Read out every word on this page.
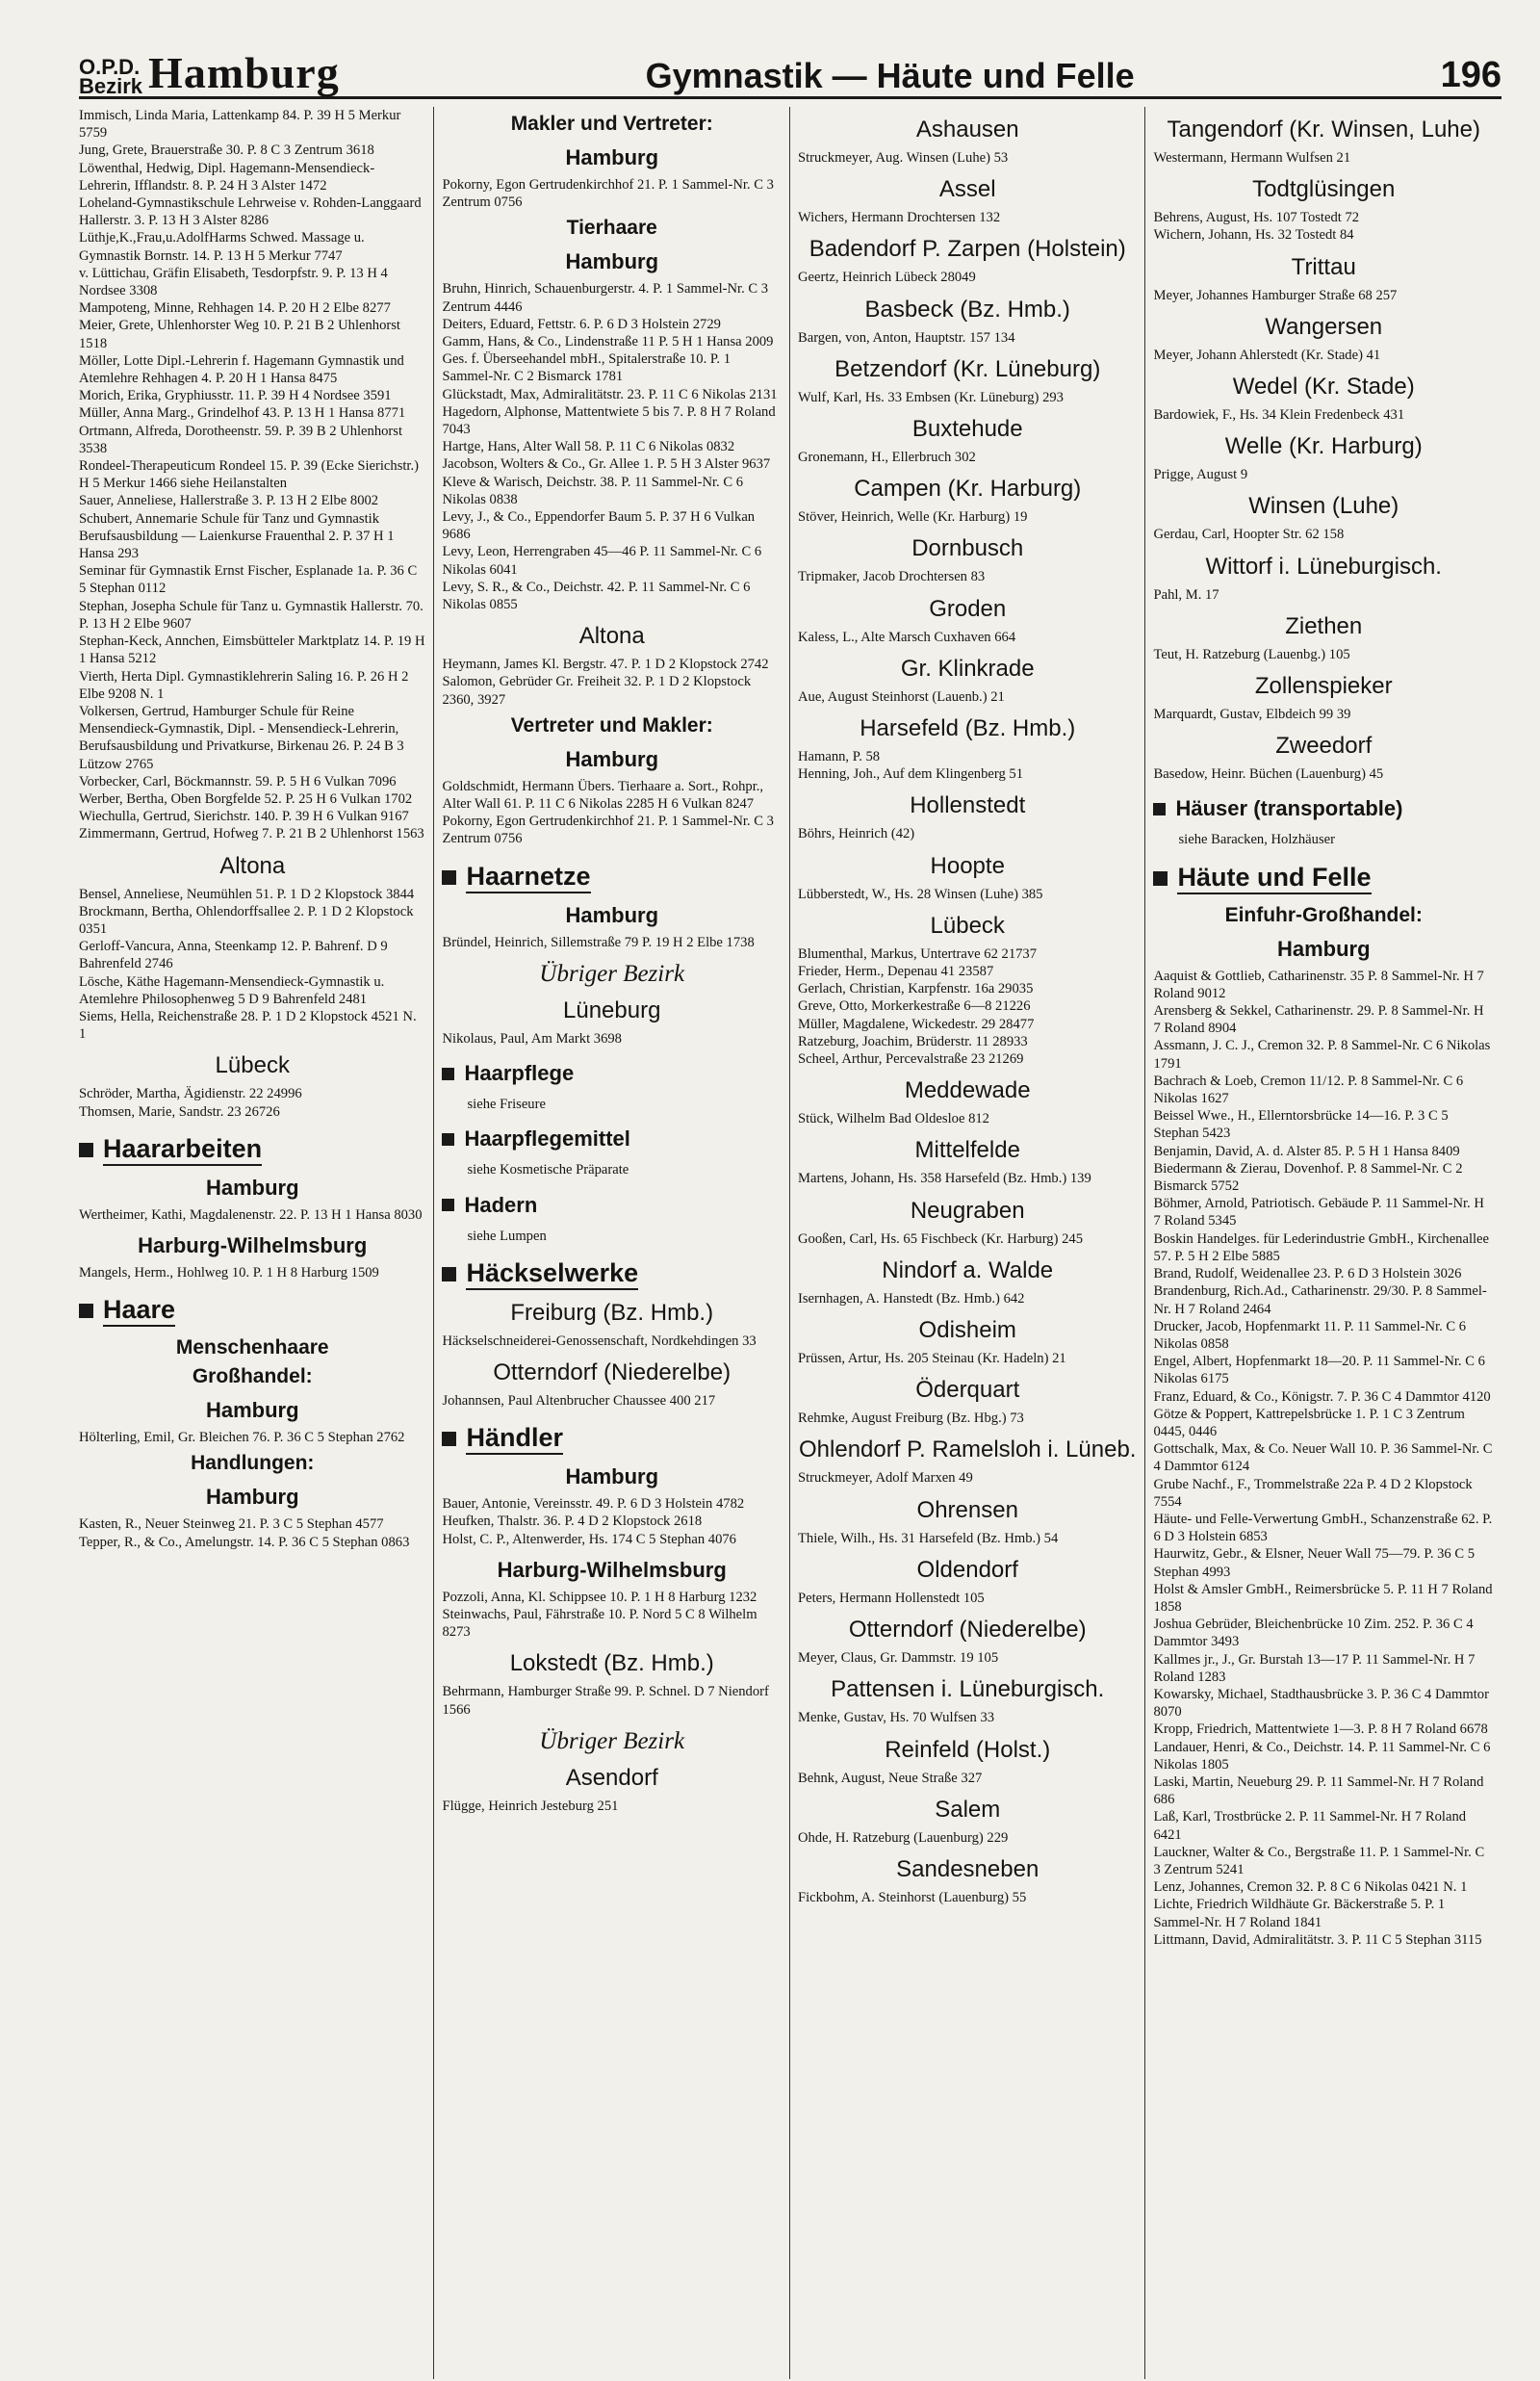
O.P.D.
Bezirk Hamburg	Gymnastik — Häute und Felle	196
Immisch, Linda Maria, Lattenkamp 84. P. 39 H 5 Merkur 5759
Jung, Grete, Brauerstraße 30. P. 8 C 3 Zentrum 3618
Löwenthal, Hedwig, Dipl. Hagemann-Mensendieck-Lehrerin, Ifflandstr. 8. P. 24 H 3 Alster 1472
Loheland-Gymnastikschule Lehrweise v. Rohden-Langgaard Hallerstr. 3. P. 13 H 3 Alster 8286
Lüthje,K.,Frau,u.AdolfHarms Schwed. Massage u. Gymnastik Bornstr. 14. P. 13 H 5 Merkur 7747
v. Lüttichau, Gräfin Elisabeth, Tesdorpfstr. 9. P. 13 H 4 Nordsee 3308
Mampoteng, Minne, Rehhagen 14. P. 20 H 2 Elbe 8277
Meier, Grete, Uhlenhorster Weg 10. P. 21 B 2 Uhlenhorst 1518
Möller, Lotte Dipl.-Lehrerin f. Hagemann Gymnastik und Atemlehre Rehhagen 4. P. 20 H 1 Hansa 8475
Morich, Erika, Gryphiusstr. 11. P. 39 H 4 Nordsee 3591
Müller, Anna Marg., Grindelhof 43. P. 13 H 1 Hansa 8771
Ortmann, Alfreda, Dorotheenstr. 59. P. 39 B 2 Uhlenhorst 3538
Rondeel-Therapeuticum Rondeel 15. P. 39 (Ecke Sierichstr.) H 5 Merkur 1466 siehe Heilanstalten
Sauer, Anneliese, Hallerstraße 3. P. 13 H 2 Elbe 8002
Schubert, Annemarie Schule für Tanz und Gymnastik Berufsausbildung — Laienkurse Frauenthal 2. P. 37 H 1 Hansa 293
Seminar für Gymnastik Ernst Fischer, Esplanade 1a. P. 36 C 5 Stephan 0112
Stephan, Josepha Schule für Tanz u. Gymnastik Hallerstr. 70. P. 13 H 2 Elbe 9607
Stephan-Keck, Annchen, Eimsbütteler Marktplatz 14. P. 19 H 1 Hansa 5212
Vierth, Herta Dipl. Gymnastiklehrerin Saling 16. P. 26 H 2 Elbe 9208 N. 1
Volkersen, Gertrud, Hamburger Schule für Reine Mensendieck-Gymnastik, Dipl. - Mensendieck-Lehrerin, Berufsausbildung und Privatkurse, Birkenau 26. P. 24 B 3 Lützow 2765
Vorbecker, Carl, Böckmannstr. 59. P. 5 H 6 Vulkan 7096
Werber, Bertha, Oben Borgfelde 52. P. 25 H 6 Vulkan 1702
Wiechulla, Gertrud, Sierichstr. 140. P. 39 H 6 Vulkan 9167
Zimmermann, Gertrud, Hofweg 7. P. 21 B 2 Uhlenhorst 1563
Altona
Bensel, Anneliese, Neumühlen 51. P. 1 D 2 Klopstock 3844
Brockmann, Bertha, Ohlendorffsallee 2. P. 1 D 2 Klopstock 0351
Gerloff-Vancura, Anna, Steenkamp 12. P. Bahrenf. D 9 Bahrenfeld 2746
Lösche, Käthe Hagemann-Mensendieck-Gymnastik u. Atemlehre Philosophenweg 5 D 9 Bahrenfeld 2481
Siems, Hella, Reichenstraße 28. P. 1 D 2 Klopstock 4521 N. 1
Lübeck
Schröder, Martha, Ägidienstr. 22 24996
Thomsen, Marie, Sandstr. 23 26726
Haararbeiten
Hamburg
Wertheimer, Kathi, Magdalenenstr. 22. P. 13 H 1 Hansa 8030
Harburg-Wilhelmsburg
Mangels, Herm., Hohlweg 10. P. 1 H 8 Harburg 1509
Haare
Menschenhaare
Großhandel:
Hamburg
Hölterling, Emil, Gr. Bleichen 76. P. 36 C 5 Stephan 2762
Handlungen:
Hamburg
Kasten, R., Neuer Steinweg 21. P. 3 C 5 Stephan 4577
Tepper, R., & Co., Amelungstr. 14. P. 36 C 5 Stephan 0863
Makler und Vertreter:
Hamburg
Pokorny, Egon Gertrudenkirchhof 21. P. 1 Sammel-Nr. C 3 Zentrum 0756
Tierhaare
Hamburg
Bruhn, Hinrich, Schauenburgerstr. 4. P. 1 Sammel-Nr. C 3 Zentrum 4446
Deiters, Eduard, Fettstr. 6. P. 6 D 3 Holstein 2729
Gamm, Hans, & Co., Lindenstraße 11 P. 5 H 1 Hansa 2009
Ges. f. Überseehandel mbH., Spitalerstraße 10. P. 1 Sammel-Nr. C 2 Bismarck 1781
Glückstadt, Max, Admiralitätstr. 23. P. 11 C 6 Nikolas 2131
Hagedorn, Alphonse, Mattentwiete 5 bis 7. P. 8 H 7 Roland 7043
Hartge, Hans, Alter Wall 58. P. 11 C 6 Nikolas 0832
Jacobson, Wolters & Co., Gr. Allee 1. P. 5 H 3 Alster 9637
Kleve & Warisch, Deichstr. 38. P. 11 Sammel-Nr. C 6 Nikolas 0838
Levy, J., & Co., Eppendorfer Baum 5. P. 37 H 6 Vulkan 9686
Levy, Leon, Herrengraben 45—46 P. 11 Sammel-Nr. C 6 Nikolas 6041
Levy, S. R., & Co., Deichstr. 42. P. 11 Sammel-Nr. C 6 Nikolas 0855
Altona
Heymann, James Kl. Bergstr. 47. P. 1 D 2 Klopstock 2742
Salomon, Gebrüder Gr. Freiheit 32. P. 1 D 2 Klopstock 2360, 3927
Vertreter und Makler:
Hamburg
Goldschmidt, Hermann Übers. Tierhaare a. Sort., Rohpr., Alter Wall 61. P. 11 C 6 Nikolas 2285 H 6 Vulkan 8247
Pokorny, Egon Gertrudenkirchhof 21. P. 1 Sammel-Nr. C 3 Zentrum 0756
Haarnetze
Hamburg
Bründel, Heinrich, Sillemstraße 79 P. 19 H 2 Elbe 1738
Übriger Bezirk
Lüneburg
Nikolaus, Paul, Am Markt 3698
Haarpflege
siehe Friseure
Haarpflegemittel
siehe Kosmetische Präparate
Hadern
siehe Lumpen
Häckselwerke
Freiburg (Bz. Hmb.)
Häckselschneiderei-Genossenschaft, Nordkehdingen 33
Otterndorf (Niederelbe)
Johannsen, Paul Altenbrucher Chaussee 400 217
Händler
Hamburg
Bauer, Antonie, Vereinsstr. 49. P. 6 D 3 Holstein 4782
Heufken, Thalstr. 36. P. 4 D 2 Klopstock 2618
Holst, C. P., Altenwerder, Hs. 174 C 5 Stephan 4076
Harburg-Wilhelmsburg
Pozzoli, Anna, Kl. Schippsee 10. P. 1 H 8 Harburg 1232
Steinwachs, Paul, Fährstraße 10. P. Nord 5 C 8 Wilhelm 8273
Lokstedt (Bz. Hmb.)
Behrmann, Hamburger Straße 99. P. Schnel. D 7 Niendorf 1566
Übriger Bezirk
Asendorf
Flügge, Heinrich Jesteburg 251
Ashausen
Struckmeyer, Aug. Winsen (Luhe) 53
Assel
Wichers, Hermann Drochtersen 132
Badendorf P. Zarpen (Holstein)
Geertz, Heinrich Lübeck 28049
Basbeck (Bz. Hmb.)
Bargen, von, Anton, Hauptstr. 157 134
Betzendorf (Kr. Lüneburg)
Wulf, Karl, Hs. 33 Embsen (Kr. Lüneburg) 293
Buxtehude
Gronemann, H., Ellerbruch 302
Campen (Kr. Harburg)
Stöver, Heinrich, Welle (Kr. Harburg) 19
Dornbusch
Tripmaker, Jacob Drochtersen 83
Groden
Kaless, L., Alte Marsch Cuxhaven 664
Gr. Klinkrade
Aue, August Steinhorst (Lauenb.) 21
Harsefeld (Bz. Hmb.)
Hamann, P. 58
Henning, Joh., Auf dem Klingenberg 51
Hollenstedt
Böhrs, Heinrich (42)
Hoopte
Lübberstedt, W., Hs. 28 Winsen (Luhe) 385
Lübeck
Blumenthal, Markus, Untertrave 62 21737
Frieder, Herm., Depenau 41 23587
Gerlach, Christian, Karpfenstr. 16a 29035
Greve, Otto, Morkerkestraße 6—8 21226
Müller, Magdalene, Wickedestr. 29 28477
Ratzeburg, Joachim, Brüderstr. 11 28933
Scheel, Arthur, Percevalstraße 23 21269
Meddewade
Stück, Wilhelm Bad Oldesloe 812
Mittelfelde
Martens, Johann, Hs. 358 Harsefeld (Bz. Hmb.) 139
Neugraben
Gooßen, Carl, Hs. 65 Fischbeck (Kr. Harburg) 245
Nindorf a. Walde
Isernhagen, A. Hanstedt (Bz. Hmb.) 642
Odisheim
Prüssen, Artur, Hs. 205 Steinau (Kr. Hadeln) 21
Öderquart
Rehmke, August Freiburg (Bz. Hbg.) 73
Ohlendorf P. Ramelsloh i. Lüneb.
Struckmeyer, Adolf Marxen 49
Ohrensen
Thiele, Wilh., Hs. 31 Harsefeld (Bz. Hmb.) 54
Oldendorf
Peters, Hermann Hollenstedt 105
Otterndorf (Niederelbe)
Meyer, Claus, Gr. Dammstr. 19 105
Pattensen i. Lüneburgisch.
Menke, Gustav, Hs. 70 Wulfsen 33
Reinfeld (Holst.)
Behnk, August, Neue Straße 327
Salem
Ohde, H. Ratzeburg (Lauenburg) 229
Sandesneben
Fickbohm, A. Steinhorst (Lauenburg) 55
Tangendorf (Kr. Winsen, Luhe)
Westermann, Hermann Wulfsen 21
Todtglüsingen
Behrens, August, Hs. 107 Tostedt 72
Wichern, Johann, Hs. 32 Tostedt 84
Trittau
Meyer, Johannes Hamburger Straße 68 257
Wangersen
Meyer, Johann Ahlerstedt (Kr. Stade) 41
Wedel (Kr. Stade)
Bardowiek, F., Hs. 34 Klein Fredenbeck 431
Welle (Kr. Harburg)
Prigge, August 9
Winsen (Luhe)
Gerdau, Carl, Hoopter Str. 62 158
Wittorf i. Lüneburgisch.
Pahl, M. 17
Ziethen
Teut, H. Ratzeburg (Lauenbg.) 105
Zollenspieker
Marquardt, Gustav, Elbdeich 99 39
Zweedorf
Basedow, Heinr. Büchen (Lauenburg) 45
Häuser (transportable)
siehe Baracken, Holzhäuser
Häute und Felle
Einfuhr-Großhandel:
Hamburg
Aaquist & Gottlieb, Catharinenstr. 35 P. 8 Sammel-Nr. H 7 Roland 9012
Arensberg & Sekkel, Catharinenstr. 29. P. 8 Sammel-Nr. H 7 Roland 8904
Assmann, J. C. J., Cremon 32. P. 8 Sammel-Nr. C 6 Nikolas 1791
Bachrach & Loeb, Cremon 11/12. P. 8 Sammel-Nr. C 6 Nikolas 1627
Beissel Wwe., H., Ellerntorsbrücke 14—16. P. 3 C 5 Stephan 5423
Benjamin, David, A. d. Alster 85. P. 5 H 1 Hansa 8409
Biedermann & Zierau, Dovenhof. P. 8 Sammel-Nr. C 2 Bismarck 5752
Böhmer, Arnold, Patriotisch. Gebäude P. 11 Sammel-Nr. H 7 Roland 5345
Boskin Handelges. für Lederindustrie GmbH., Kirchenallee 57. P. 5 H 2 Elbe 5885
Brand, Rudolf, Weidenallee 23. P. 6 D 3 Holstein 3026
Brandenburg, Rich.Ad., Catharinenstr. 29/30. P. 8 Sammel-Nr. H 7 Roland 2464
Drucker, Jacob, Hopfenmarkt 11. P. 11 Sammel-Nr. C 6 Nikolas 0858
Engel, Albert, Hopfenmarkt 18—20. P. 11 Sammel-Nr. C 6 Nikolas 6175
Franz, Eduard, & Co., Königstr. 7. P. 36 C 4 Dammtor 4120
Götze & Poppert, Kattrepelsbrücke 1. P. 1 C 3 Zentrum 0445, 0446
Gottschalk, Max, & Co. Neuer Wall 10. P. 36 Sammel-Nr. C 4 Dammtor 6124
Grube Nachf., F., Trommelstraße 22a P. 4 D 2 Klopstock 7554
Häute- und Felle-Verwertung GmbH., Schanzenstraße 62. P. 6 D 3 Holstein 6853
Haurwitz, Gebr., & Elsner, Neuer Wall 75—79. P. 36 C 5 Stephan 4993
Holst & Amsler GmbH., Reimersbrücke 5. P. 11 H 7 Roland 1858
Joshua Gebrüder, Bleichenbrücke 10 Zim. 252. P. 36 C 4 Dammtor 3493
Kallmes jr., J., Gr. Burstah 13—17 P. 11 Sammel-Nr. H 7 Roland 1283
Kowarsky, Michael, Stadthausbrücke 3. P. 36 C 4 Dammtor 8070
Kropp, Friedrich, Mattentwiete 1—3. P. 8 H 7 Roland 6678
Landauer, Henri, & Co., Deichstr. 14. P. 11 Sammel-Nr. C 6 Nikolas 1805
Laski, Martin, Neueburg 29. P. 11 Sammel-Nr. H 7 Roland 686
Laß, Karl, Trostbrücke 2. P. 11 Sammel-Nr. H 7 Roland 6421
Lauckner, Walter & Co., Bergstraße 11. P. 1 Sammel-Nr. C 3 Zentrum 5241
Lenz, Johannes, Cremon 32. P. 8 C 6 Nikolas 0421 N. 1
Lichte, Friedrich Wildhäute Gr. Bäckerstraße 5. P. 1 Sammel-Nr. H 7 Roland 1841
Littmann, David, Admiralitätstr. 3. P. 11 C 5 Stephan 3115
